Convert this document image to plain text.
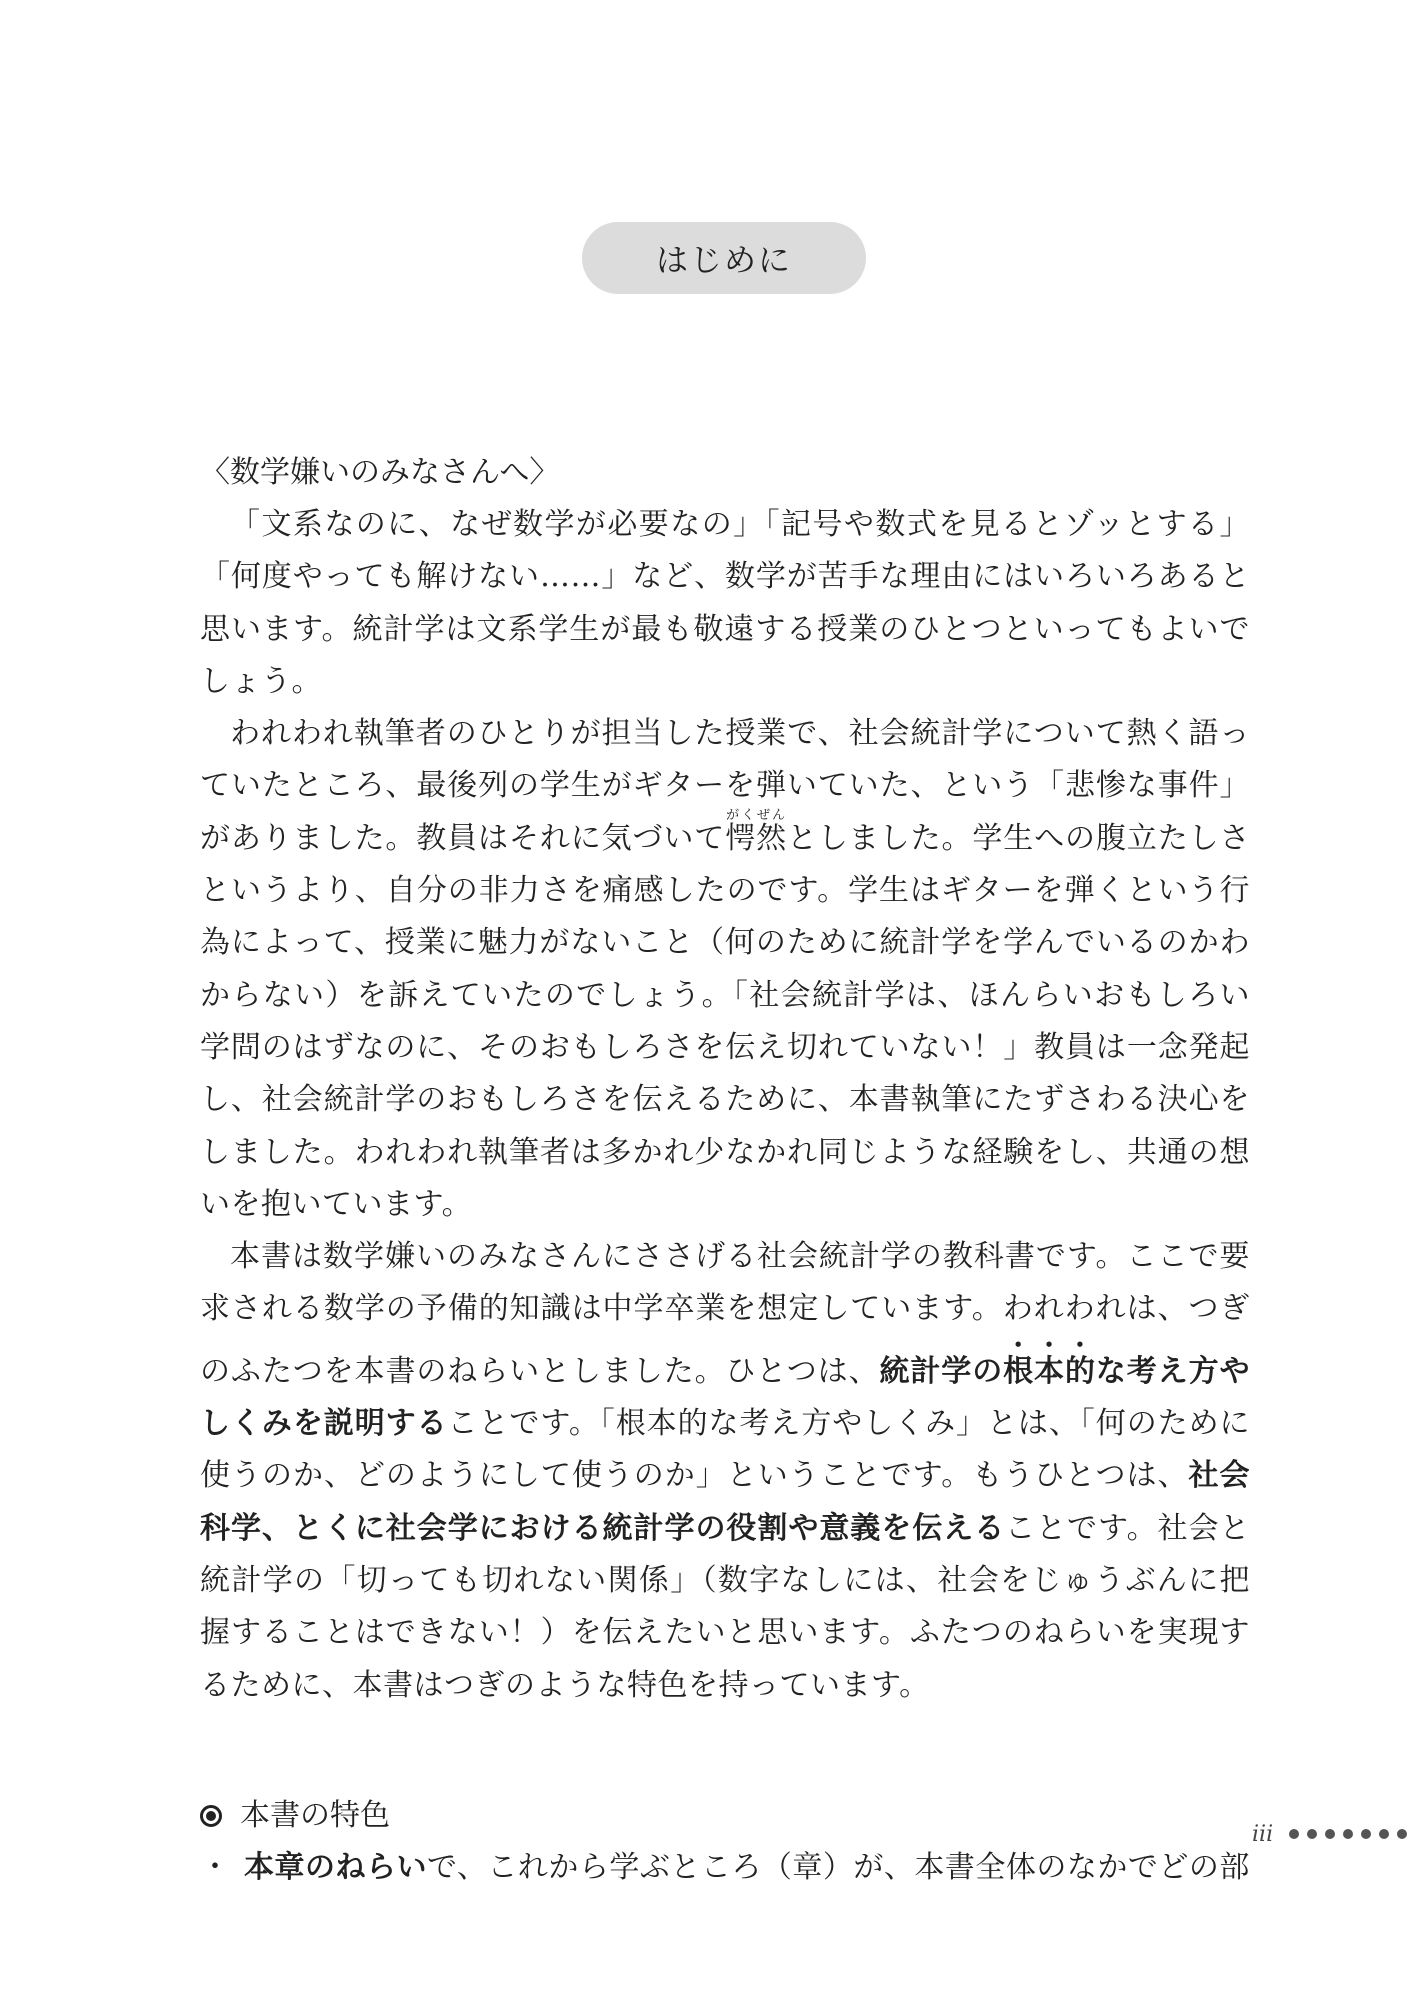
はじめに
〈数学嫌いのみなさんへ〉

「文系なのに、なぜ数学が必要なの」「記号や数式を見るとゾッとする」「何度やっても解けない……」など、数学が苦手な理由にはいろいろあると思います。統計学は文系学生が最も敬遠する授業のひとつといってもよいでしょう。

われわれ執筆者のひとりが担当した授業で、社会統計学について熱く語っていたところ、最後列の学生がギターを弾いていた、という「悲惨な事件」がありました。教員はそれに気づいて愕然がくぜんとしました。学生への腹立たしさというより、自分の非力さを痛感したのです。学生はギターを弾くという行為によって、授業に魅力がないこと（何のために統計学を学んでいるのかわからない）を訴えていたのでしょう。「社会統計学は、ほんらいおもしろい学問のはずなのに、そのおもしろさを伝え切れていない！」教員は一念発起し、社会統計学のおもしろさを伝えるために、本書執筆にたずさわる決心をしました。われわれ執筆者は多かれ少なかれ同じような経験をし、共通の想いを抱いています。

本書は数学嫌いのみなさんにささげる社会統計学の教科書です。ここで要求される数学の予備的知識は中学卒業を想定しています。われわれは、つぎのふたつを本書のねらいとしました。ひとつは、統計学の根本的な考え方やしくみを説明することです。「根本的な考え方やしくみ」とは、「何のために使うのか、どのようにして使うのか」ということです。もうひとつは、社会科学、とくに社会学における統計学の役割や意義を伝えることです。社会と統計学の「切っても切れない関係」（数字なしには、社会をじゅうぶんに把握することはできない！）を伝えたいと思います。ふたつのねらいを実現するために、本書はつぎのような特色を持っています。

本書の特色

・ 本章のねらいで、これから学ぶところ（章）が、本書全体のなかでどの部

iii
